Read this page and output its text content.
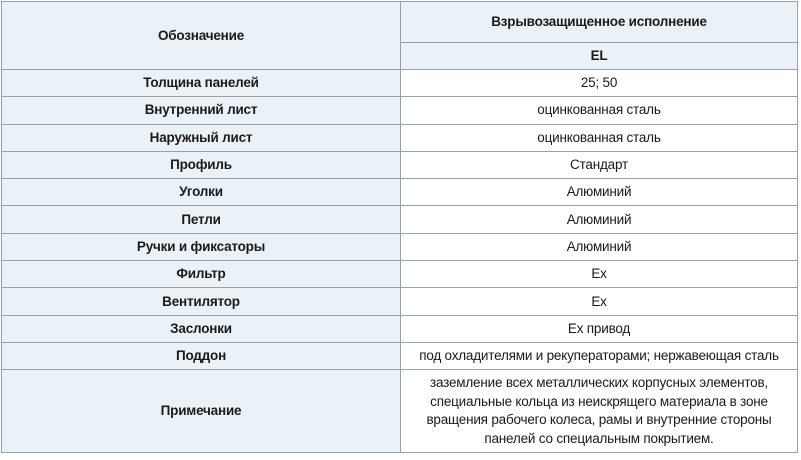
Обозначение	Взрывозащищенное исполнение
	EL
Толщина панелей	25; 50
Внутренний лист	оцинкованная сталь
Наружный лист	оцинкованная сталь
Профиль	Стандарт
Уголки	Алюминий
Петли	Алюминий
Ручки и фиксаторы	Алюминий
Фильтр	Ex
Вентилятор	Ex
Заслонки	Ex привод
Поддон	под охладителями и рекуператорами; нержавеющая сталь
Примечание	заземление всех металлических корпусных элементов,
специальные кольца из неискрящего материала в зоне
вращения рабочего колеса, рамы и внутренние стороны
панелей со специальным покрытием.
